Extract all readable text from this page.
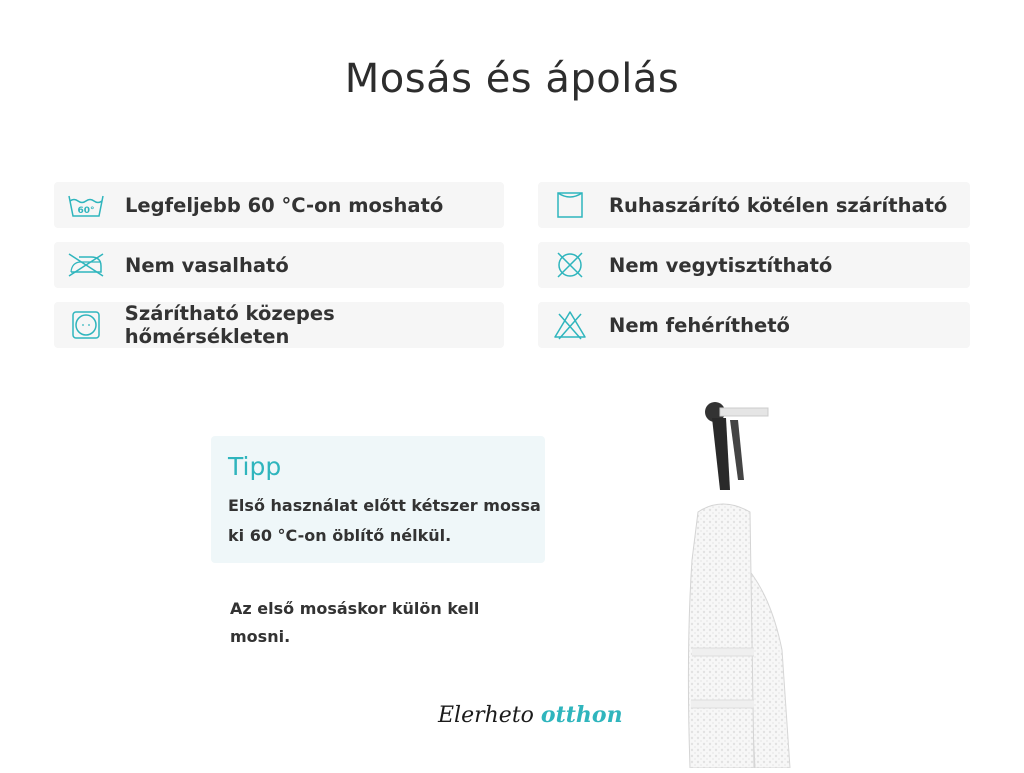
Mosás és ápolás
60° Legfeljebb 60 °C-on mosható	Ruhaszárító kötélen szárítható
Nem vasalható	Nem vegytisztítható
Szárítható közepes hőmérsékleten	Nem fehéríthető
Tipp
Első használat előtt kétszer mossa ki 60 °C-on öblítő nélkül.
Az első mosáskor külön kell mosni.
Elerheto otthon
